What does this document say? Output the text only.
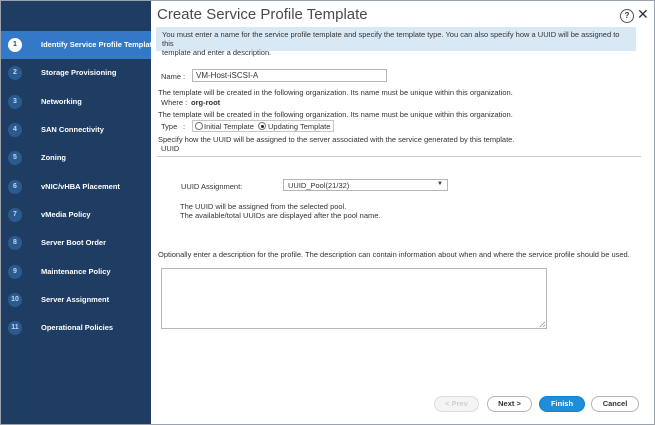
1	Identify Service Profile Template
2	Storage Provisioning
3	Networking
4	SAN Connectivity
5	Zoning
6	vNIC/vHBA Placement
7	vMedia Policy
8	Server Boot Order
9	Maintenance Policy
10	Server Assignment
11	Operational Policies
Create Service Profile Template	? ✕
You must enter a name for the service profile template and specify the template type. You can also specify how a UUID will be assigned to this
template and enter a description.
Name :	VM-Host-iSCSI-A
The template will be created in the following organization. Its name must be unique within this organization.
Where : org-root
The template will be created in the following organization. Its name must be unique within this organization.
Type :	Initial Template Updating Template
Specify how the UUID will be assigned to the server associated with the service generated by this template.
UUID
UUID Assignment:	UUID_Pool(21/32)	▼
The UUID will be assigned from the selected pool.
The available/total UUIDs are displayed after the pool name.
Optionally enter a description for the profile. The description can contain information about when and where the service profile should be used.
< Prev	Next >	Finish	Cancel
